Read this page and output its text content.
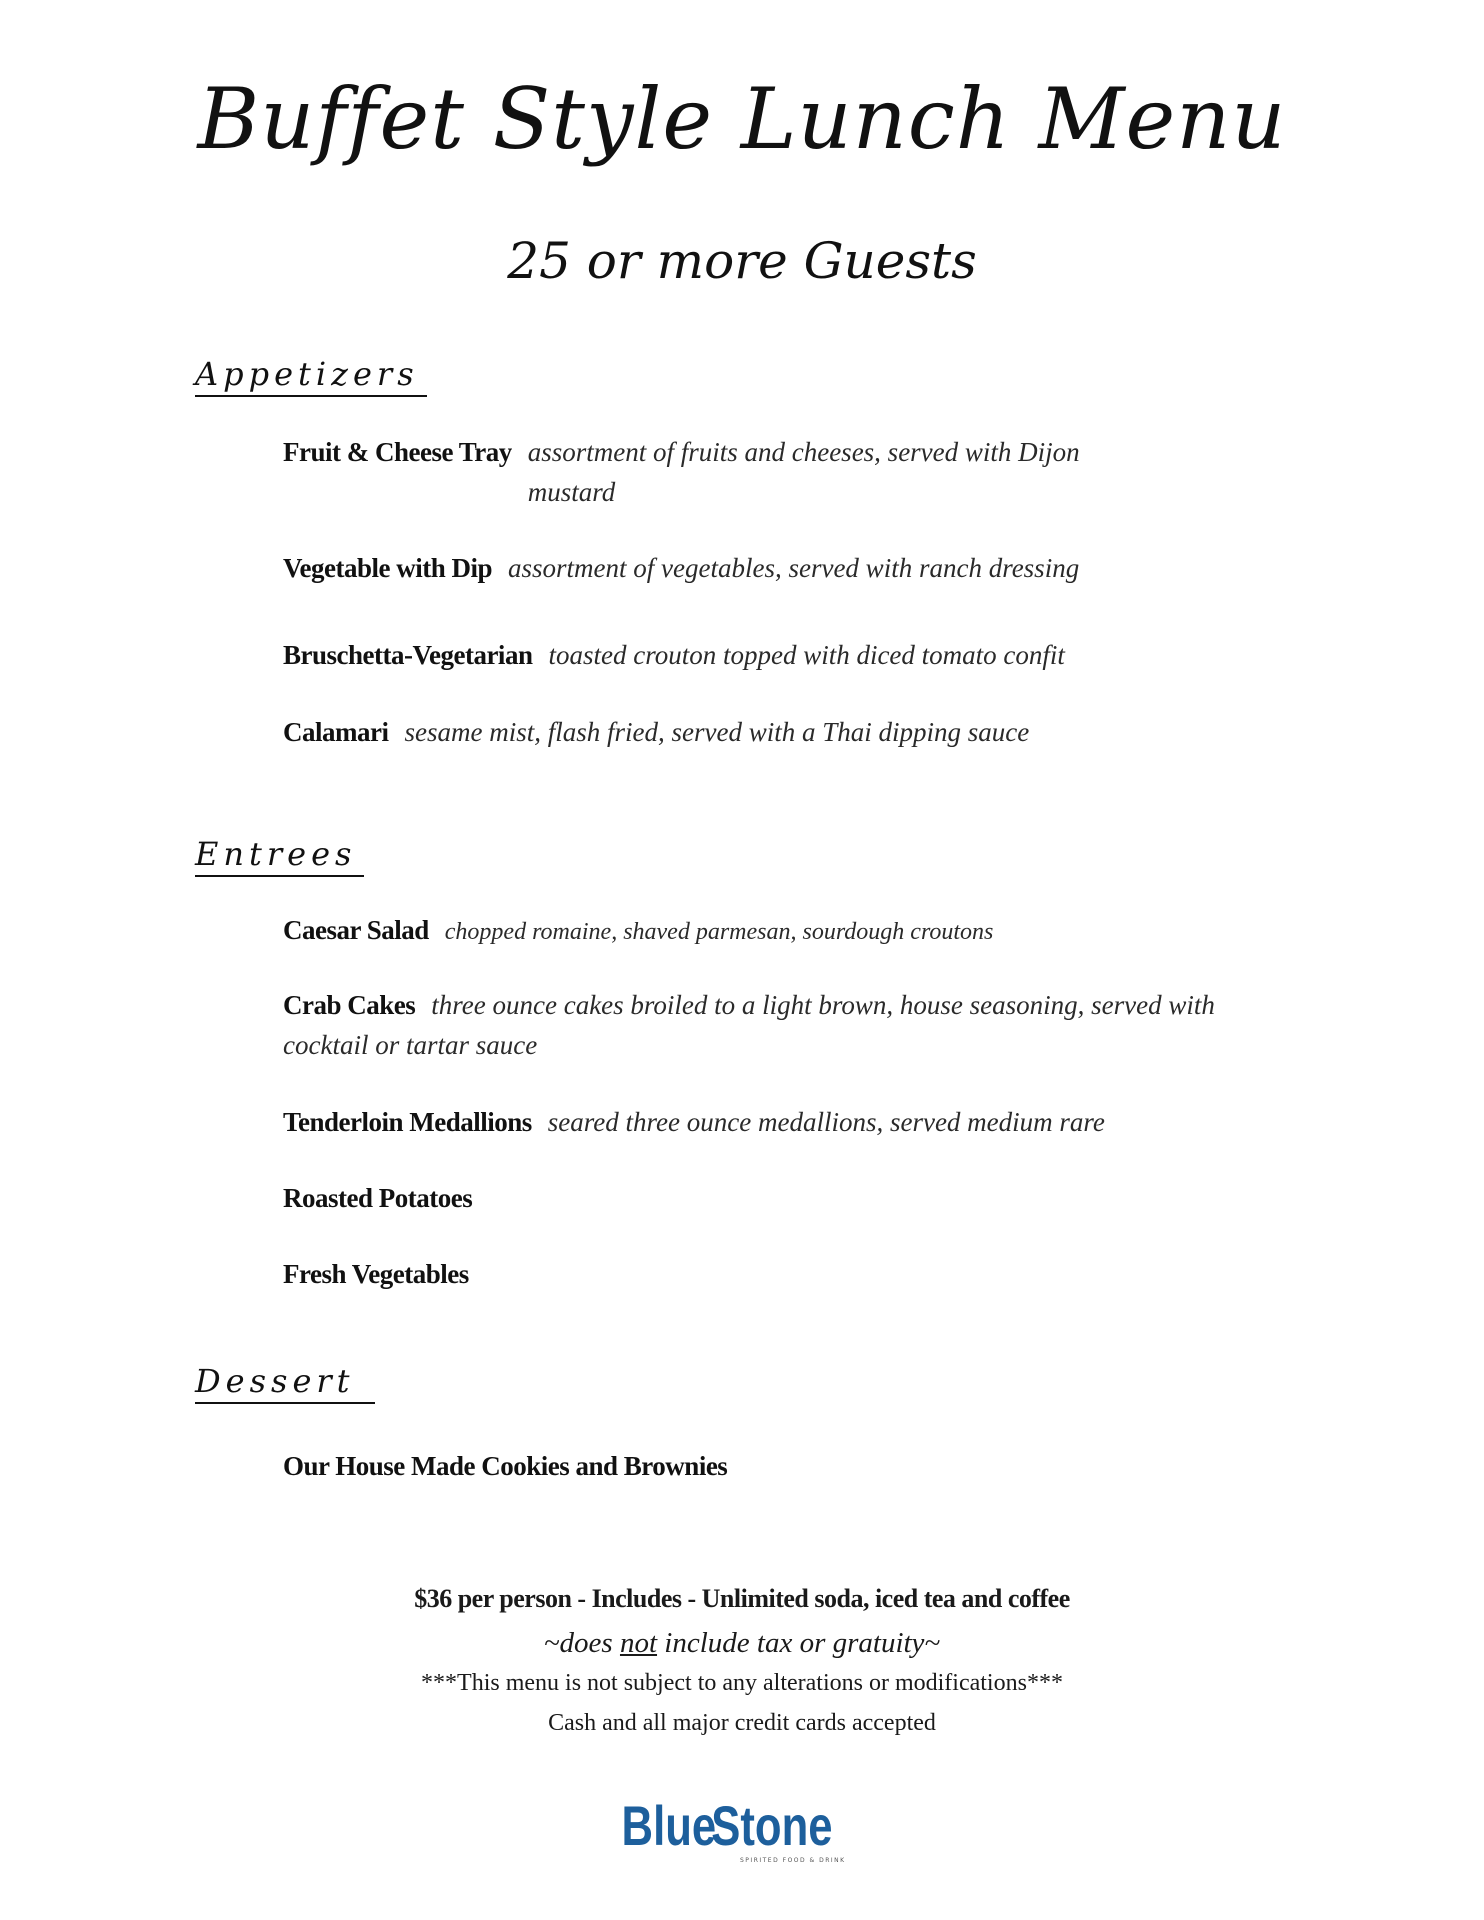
Buffet Style Lunch Menu
25 or more Guests
Appetizers
Fruit & Cheese Tray assortment of fruits and cheeses, served with Dijon mustard
Vegetable with Dip assortment of vegetables, served with ranch dressing
Bruschetta-Vegetarian toasted crouton topped with diced tomato confit
Calamari sesame mist, flash fried, served with a Thai dipping sauce
Entrees
Caesar Salad chopped romaine, shaved parmesan, sourdough croutons
Crab Cakes three ounce cakes broiled to a light brown, house seasoning, served with cocktail or tartar sauce
Tenderloin Medallions seared three ounce medallions, served medium rare
Roasted Potatoes
Fresh Vegetables
Dessert
Our House Made Cookies and Brownies
$36 per person - Includes - Unlimited soda, iced tea and coffee
~does not include tax or gratuity~
***This menu is not subject to any alterations or modifications***
Cash and all major credit cards accepted
Blue
Stone
SPIRITED FOOD & DRINK
